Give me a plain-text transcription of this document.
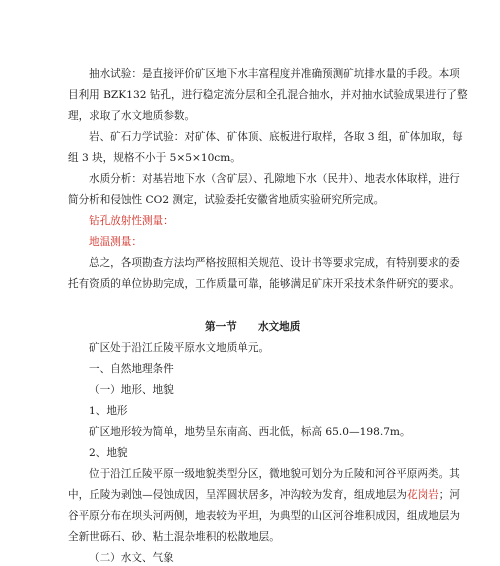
抽水试验：是直接评价矿区地下水丰富程度并准确预测矿坑排水量的手段。本项
目利用 BZK132 钻孔，进行稳定流分层和全孔混合抽水，并对抽水试验成果进行了整
理，求取了水文地质参数。
岩、矿石力学试验：对矿体、矿体顶、底板进行取样，各取 3 组，矿体加取，每
组 3 块，规格不小于 5×5×10cm。
水质分析：对基岩地下水（含矿层）、孔隙地下水（民井）、地表水体取样，进行
简分析和侵蚀性 CO2 测定，试验委托安徽省地质实验研究所完成。
钻孔放射性测量：
地温测量：
总之，各项勘查方法均严格按照相关规范、设计书等要求完成，有特别要求的委
托有资质的单位协助完成，工作质量可靠，能够满足矿床开采技术条件研究的要求。
第一节　　水文地质
矿区处于沿江丘陵平原水文地质单元。
一、自然地理条件
（一）地形、地貌
1、地形
矿区地形较为简单，地势呈东南高、西北低，标高 65.0—198.7m。
2、地貌
位于沿江丘陵平原一级地貌类型分区，微地貌可划分为丘陵和河谷平原两类。其
中，丘陵为剥蚀—侵蚀成因，呈浑圆状居多，冲沟较为发育，组成地层为花岗岩；河
谷平原分布在坝头河两侧，地表较为平坦，为典型的山区河谷堆积成因，组成地层为
全新世砾石、砂、粘土混杂堆积的松散地层。
（二）水文、气象
